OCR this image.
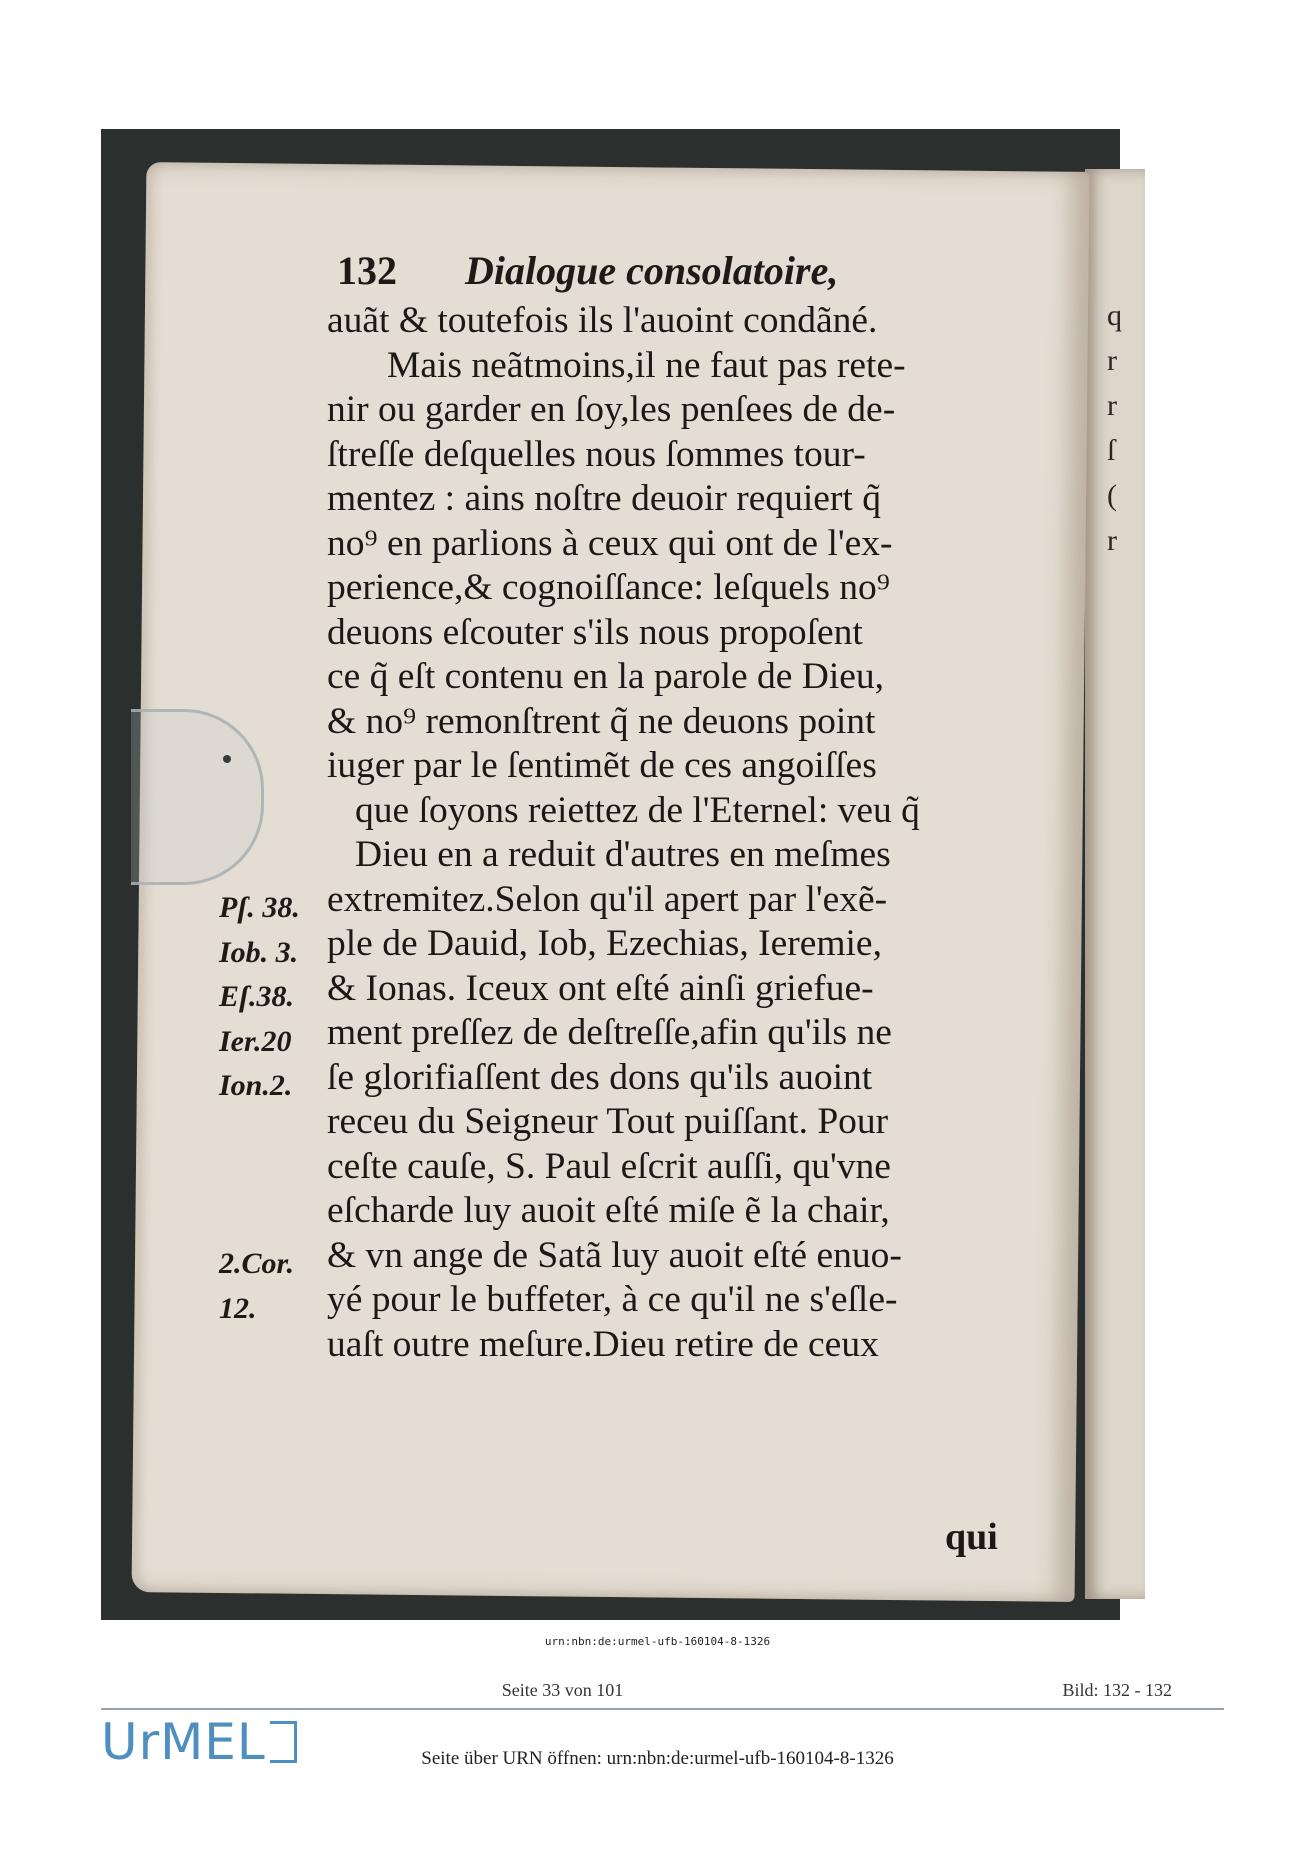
q
r
r
ſ
(
r
132 Dialogue consolatoire,
auãt & toutefois ils l'auoint condãné.
Mais neãtmoins,il ne faut pas rete-
nir ou garder en ſoy,les penſees de de-
ſtreſſe deſquelles nous ſommes tour-
mentez : ains noſtre deuoir requiert q̃
no⁹ en parlions à ceux qui ont de l'ex-
perience,& cognoiſſance: leſquels no⁹
deuons eſcouter s'ils nous propoſent
ce q̃ eſt contenu en la parole de Dieu,
& no⁹ remonſtrent q̃ ne deuons point
iuger par le ſentimẽt de ces angoiſſes
que ſoyons reiettez de l'Eternel: veu q̃
Dieu en a reduit d'autres en meſmes
extremitez.Selon qu'il apert par l'exẽ-
ple de Dauid, Iob, Ezechias, Ieremie,
& Ionas. Iceux ont eſté ainſi griefue-
ment preſſez de deſtreſſe,afin qu'ils ne
ſe glorifiaſſent des dons qu'ils auoint
receu du Seigneur Tout puiſſant. Pour
ceſte cauſe, S. Paul eſcrit auſſi, qu'vne
eſcharde luy auoit eſté miſe ẽ la chair,
& vn ange de Satã luy auoit eſté enuo-
yé pour le buffeter, à ce qu'il ne s'eſle-
uaſt outre meſure.Dieu retire de ceux
Pſ. 38.
Iob. 3.
Eſ.38.
Ier.20
Ion.2.
2.Cor.
12.
qui
urn:nbn:de:urmel-ufb-160104-8-1326
Seite 33 von 101	Bild: 132 - 132
UrMEL	Seite über URN öffnen: urn:nbn:de:urmel-ufb-160104-8-1326
